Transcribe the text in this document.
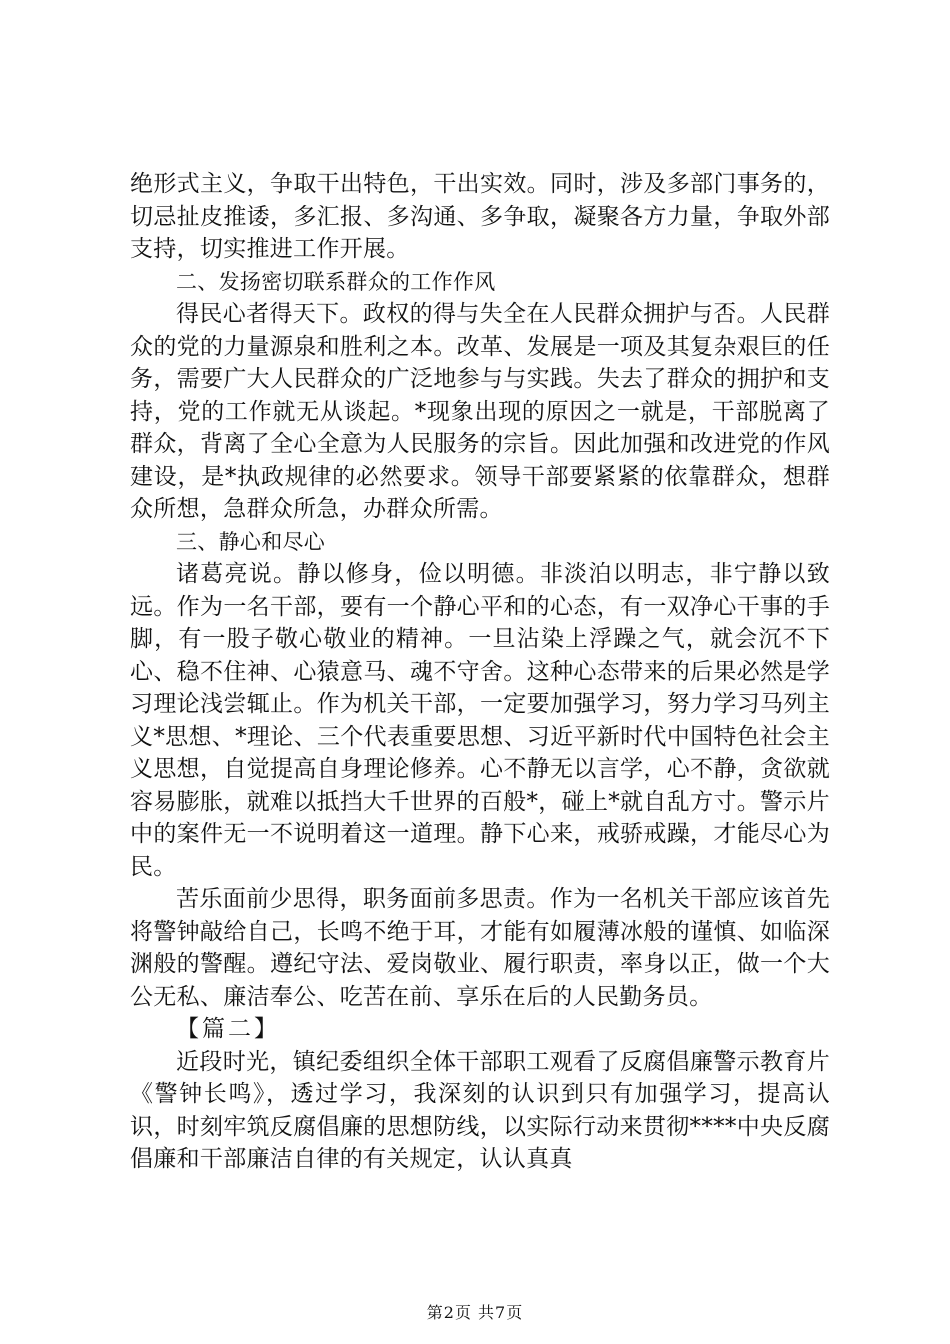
绝形式主义，争取干出特色，干出实效。同时，涉及多部门事务的，切忌扯皮推诿，多汇报、多沟通、多争取，凝聚各方力量，争取外部支持，切实推进工作开展。

二、发扬密切联系群众的工作作风

得民心者得天下。政权的得与失全在人民群众拥护与否。人民群众的党的力量源泉和胜利之本。改革、发展是一项及其复杂艰巨的任务，需要广大人民群众的广泛地参与与实践。失去了群众的拥护和支持，党的工作就无从谈起。*现象出现的原因之一就是，干部脱离了群众，背离了全心全意为人民服务的宗旨。因此加强和改进党的作风建设，是*执政规律的必然要求。领导干部要紧紧的依靠群众，想群众所想，急群众所急，办群众所需。

三、静心和尽心

诸葛亮说。静以修身，俭以明德。非淡泊以明志，非宁静以致远。作为一名干部，要有一个静心平和的心态，有一双净心干事的手脚，有一股子敬心敬业的精神。一旦沾染上浮躁之气，就会沉不下心、稳不住神、心猿意马、魂不守舍。这种心态带来的后果必然是学习理论浅尝辄止。作为机关干部，一定要加强学习，努力学习马列主义*思想、*理论、三个代表重要思想、习近平新时代中国特色社会主义思想，自觉提高自身理论修养。心不静无以言学，心不静，贪欲就容易膨胀，就难以抵挡大千世界的百般*，碰上*就自乱方寸。警示片中的案件无一不说明着这一道理。静下心来，戒骄戒躁，才能尽心为民。

苦乐面前少思得，职务面前多思责。作为一名机关干部应该首先将警钟敲给自己，长鸣不绝于耳，才能有如履薄冰般的谨慎、如临深渊般的警醒。遵纪守法、爱岗敬业、履行职责，率身以正，做一个大公无私、廉洁奉公、吃苦在前、享乐在后的人民勤务员。

【篇二】

近段时光，镇纪委组织全体干部职工观看了反腐倡廉警示教育片《警钟长鸣》，透过学习，我深刻的认识到只有加强学习，提高认识，时刻牢筑反腐倡廉的思想防线，以实际行动来贯彻****中央反腐倡廉和干部廉洁自律的有关规定，认认真真

第2页 共7页
